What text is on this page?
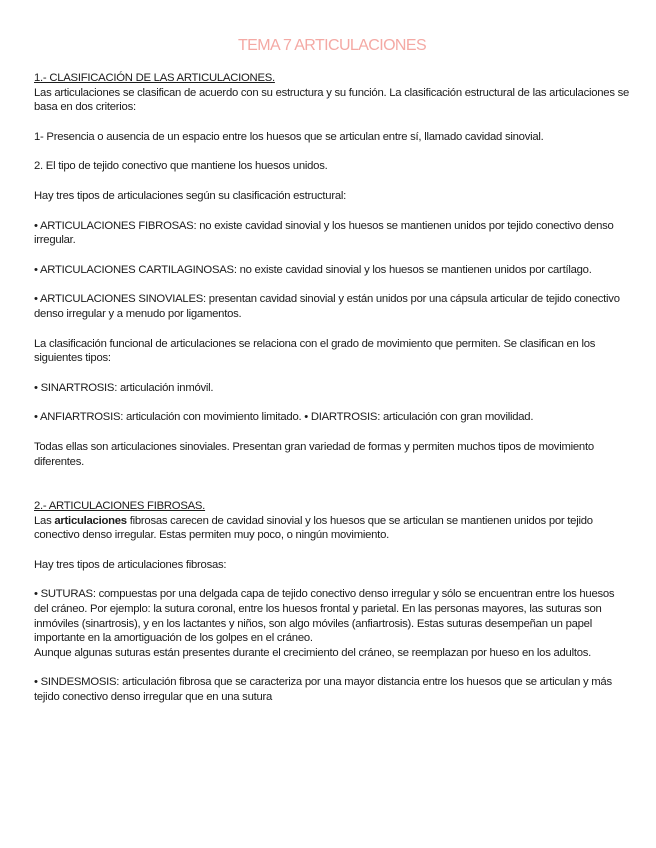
TEMA 7 ARTICULACIONES

1.- CLASIFICACIÓN DE LAS ARTICULACIONES.

Las articulaciones se clasifican de acuerdo con su estructura y su función. La clasificación estructural de las articulaciones se basa en dos criterios:

1- Presencia o ausencia de un espacio entre los huesos que se articulan entre sí, llamado cavidad sinovial.

2. El tipo de tejido conectivo que mantiene los huesos unidos.

Hay tres tipos de articulaciones según su clasificación estructural:

• ARTICULACIONES FIBROSAS: no existe cavidad sinovial y los huesos se mantienen unidos por tejido conectivo denso irregular.

• ARTICULACIONES CARTILAGINOSAS: no existe cavidad sinovial y los huesos se mantienen unidos por cartílago.

• ARTICULACIONES SINOVIALES: presentan cavidad sinovial y están unidos por una cápsula articular de tejido conectivo denso irregular y a menudo por ligamentos.

La clasificación funcional de articulaciones se relaciona con el grado de movimiento que permiten. Se clasifican en los siguientes tipos:

• SINARTROSIS: articulación inmóvil.

• ANFIARTROSIS: articulación con movimiento limitado. • DIARTROSIS: articulación con gran movilidad.

Todas ellas son articulaciones sinoviales. Presentan gran variedad de formas y permiten muchos tipos de movimiento diferentes.

2.- ARTICULACIONES FIBROSAS.

Las articulaciones fibrosas carecen de cavidad sinovial y los huesos que se articulan se mantienen unidos por tejido conectivo denso irregular. Estas permiten muy poco, o ningún movimiento.

Hay tres tipos de articulaciones fibrosas:

• SUTURAS: compuestas por una delgada capa de tejido conectivo denso irregular y sólo se encuentran entre los huesos del cráneo. Por ejemplo: la sutura coronal, entre los huesos frontal y parietal. En las personas mayores, las suturas son inmóviles (sinartrosis), y en los lactantes y niños, son algo móviles (anfiartrosis). Estas suturas desempeñan un papel importante en la amortiguación de los golpes en el cráneo.

Aunque algunas suturas están presentes durante el crecimiento del cráneo, se reemplazan por hueso en los adultos.

• SINDESMOSIS: articulación fibrosa que se caracteriza por una mayor distancia entre los huesos que se articulan y más tejido conectivo denso irregular que en una sutura
